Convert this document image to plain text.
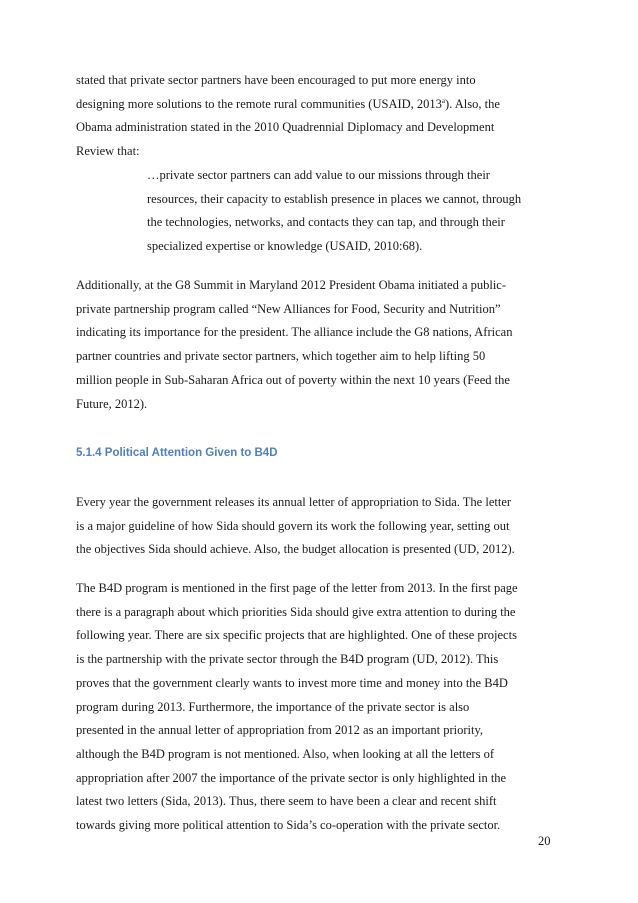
stated that private sector partners have been encouraged to put more energy into
designing more solutions to the remote rural communities (USAID, 2013$^a$). Also, the
Obama administration stated in the 2010 Quadrennial Diplomacy and Development
Review that:

…private sector partners can add value to our missions through their
resources, their capacity to establish presence in places we cannot, through
the technologies, networks, and contacts they can tap, and through their
specialized expertise or knowledge (USAID, 2010:68).

Additionally, at the G8 Summit in Maryland 2012 President Obama initiated a public-
private partnership program called “New Alliances for Food, Security and Nutrition”
indicating its importance for the president. The alliance include the G8 nations, African
partner countries and private sector partners, which together aim to help lifting 50
million people in Sub-Saharan Africa out of poverty within the next 10 years (Feed the
Future, 2012).

5.1.4 Political Attention Given to B4D

Every year the government releases its annual letter of appropriation to Sida. The letter
is a major guideline of how Sida should govern its work the following year, setting out
the objectives Sida should achieve. Also, the budget allocation is presented (UD, 2012).

The B4D program is mentioned in the first page of the letter from 2013. In the first page
there is a paragraph about which priorities Sida should give extra attention to during the
following year. There are six specific projects that are highlighted. One of these projects
is the partnership with the private sector through the B4D program (UD, 2012). This
proves that the government clearly wants to invest more time and money into the B4D
program during 2013. Furthermore, the importance of the private sector is also
presented in the annual letter of appropriation from 2012 as an important priority,
although the B4D program is not mentioned. Also, when looking at all the letters of
appropriation after 2007 the importance of the private sector is only highlighted in the
latest two letters (Sida, 2013). Thus, there seem to have been a clear and recent shift
towards giving more political attention to Sida’s co-operation with the private sector.

20
